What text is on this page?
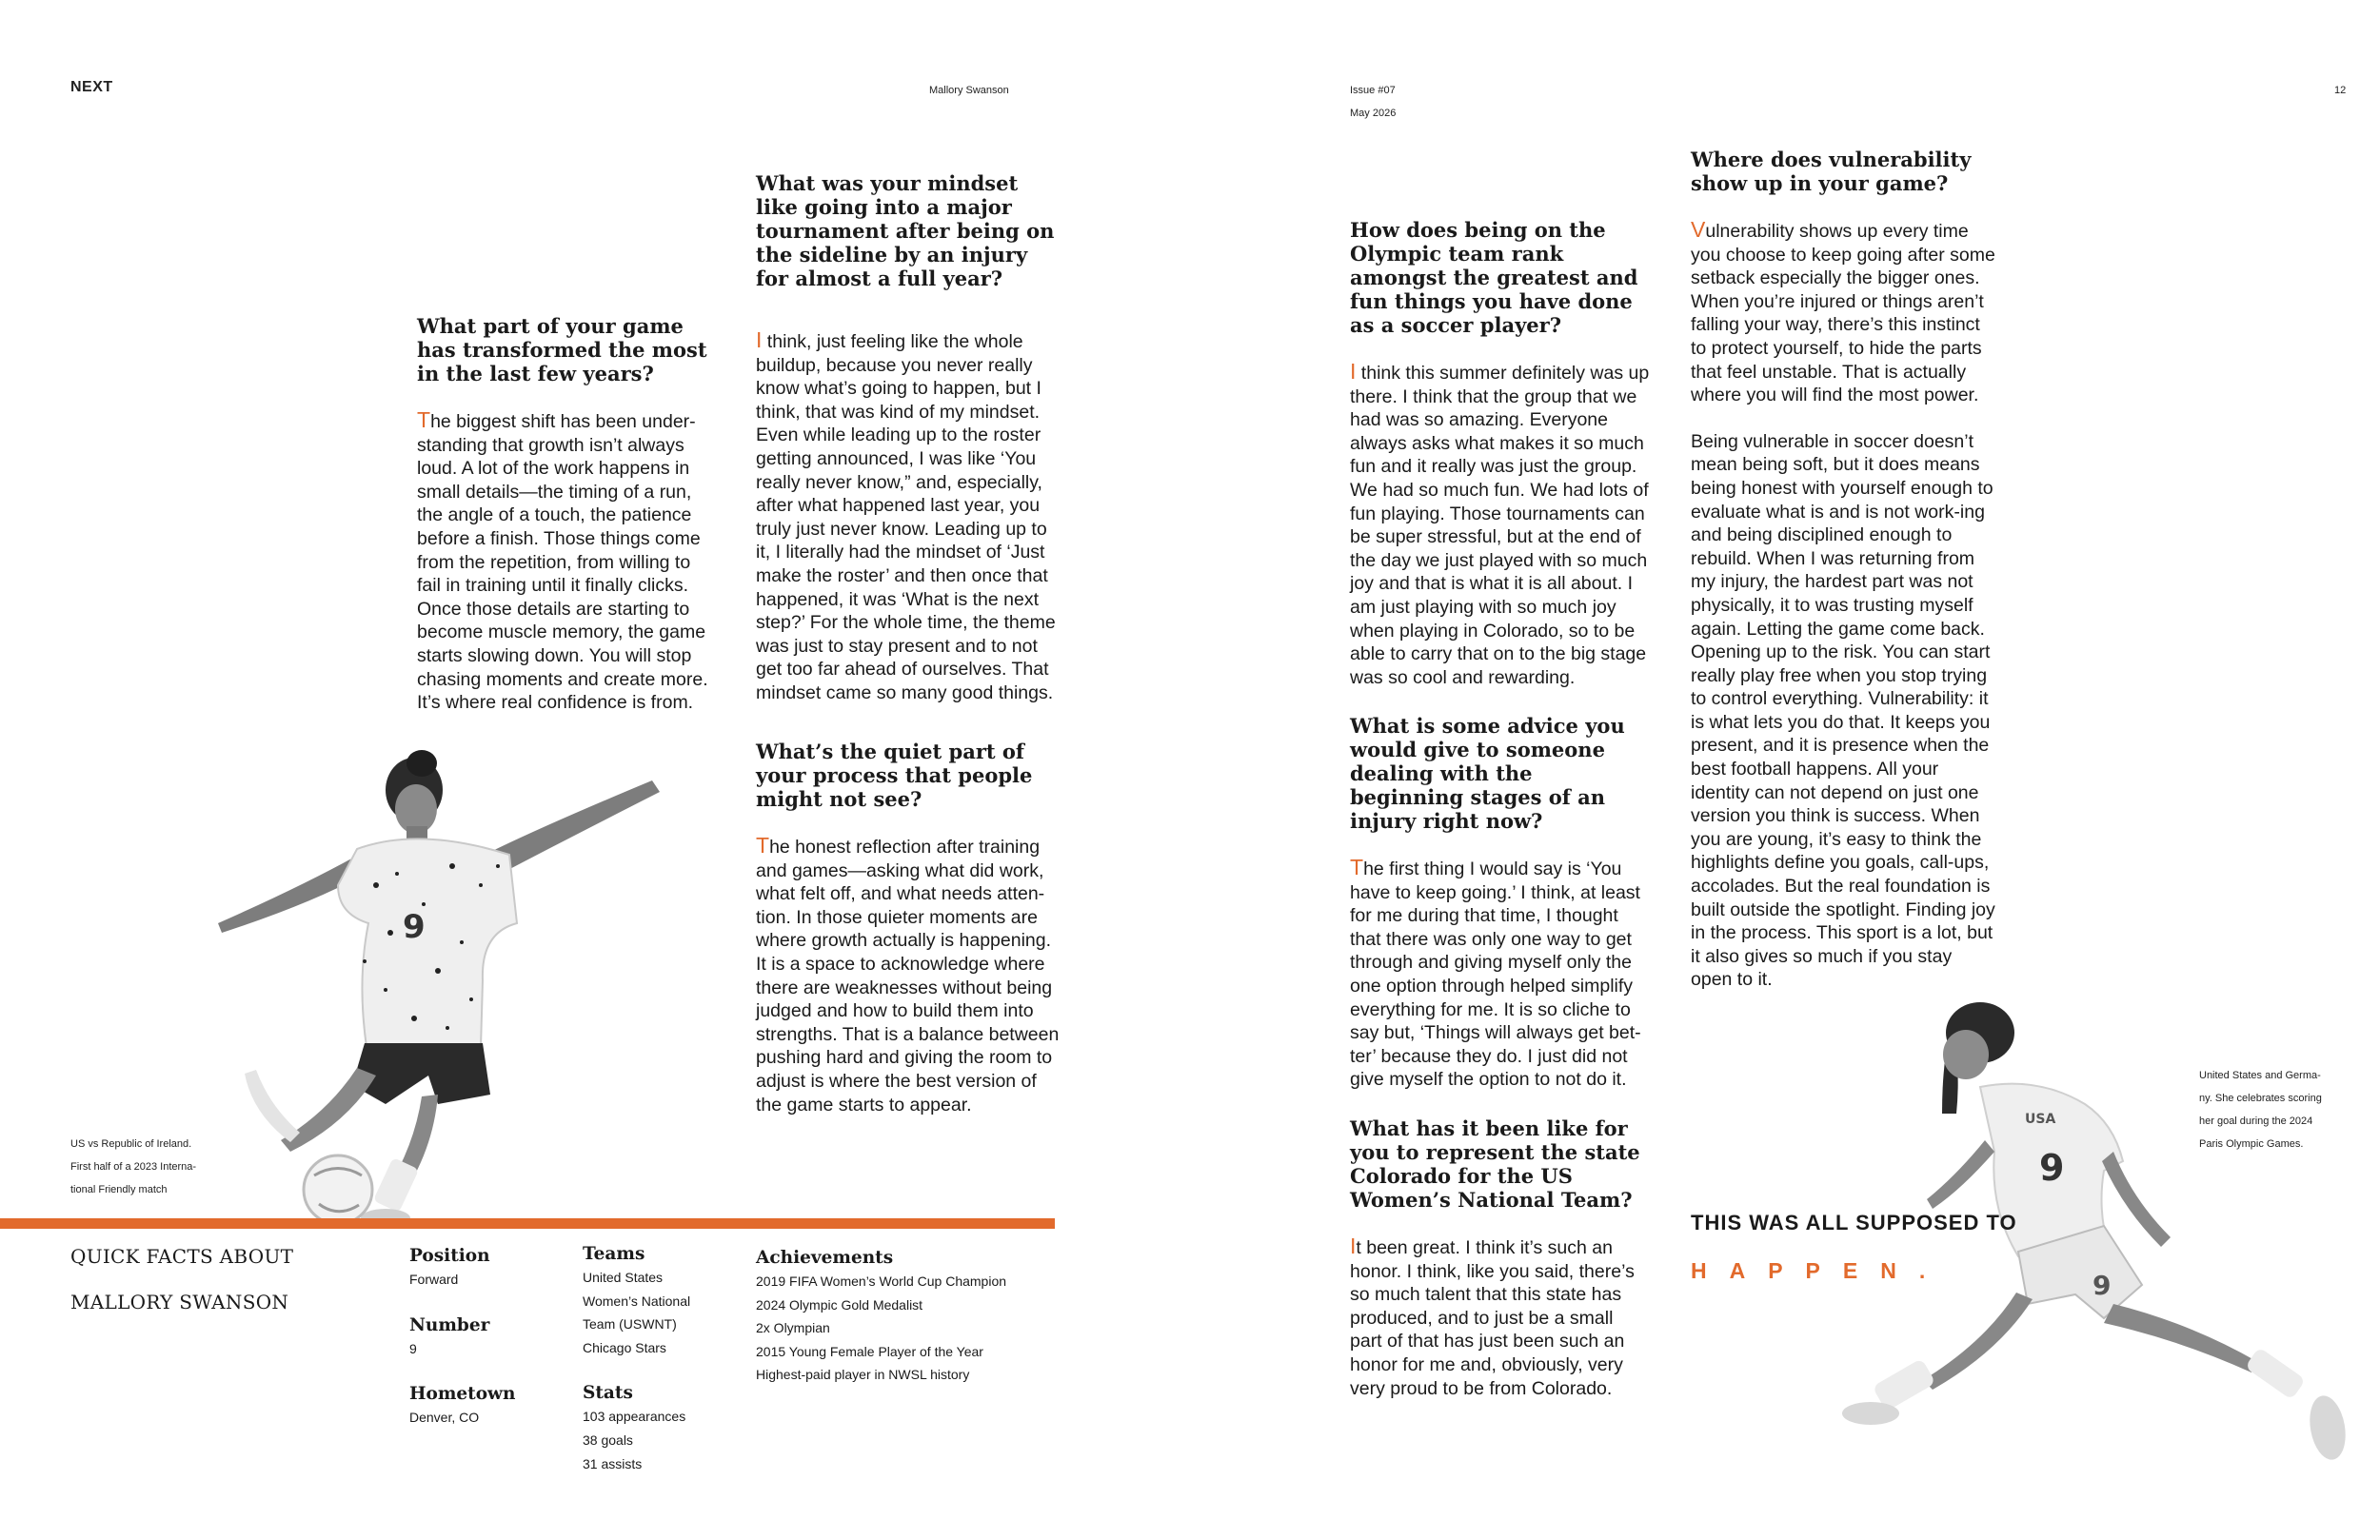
NEXT	Mallory Swanson	Issue #07
May 2026
12
What part of your game has transformed the most in the last few years?

The biggest shift has been under-standing that growth isn’t always loud. A lot of the work happens in small details—the timing of a run, the angle of a touch, the patience before a finish. Those things come from the repetition, from willing to fail in training until it finally clicks. Once those details are starting to become muscle memory, the game starts slowing down. You will stop chasing moments and create more. It’s where real confidence is from.

What was your mindset like going into a major tournament after being on the sideline by an injury for almost a full year?

I think, just feeling like the whole buildup, because you never really know what’s going to happen, but I think, that was kind of my mindset. Even while leading up to the roster getting announced, I was like ‘You really never know,” and, especially, after what happened last year, you truly just never know. Leading up to it, I literally had the mindset of ‘Just make the roster’ and then once that happened, it was ‘What is the next step?’ For the whole time, the theme was just to stay present and to not get too far ahead of ourselves. That mindset came so many good things.

What’s the quiet part of your process that people might not see?

The honest reflection after training and games—asking what did work, what felt off, and what needs atten-tion. In those quieter moments are where growth actually is happening. It is a space to acknowledge where there are weaknesses without being judged and how to build them into strengths. That is a balance between pushing hard and giving the room to adjust is where the best version of the game starts to appear.

How does being on the Olympic team rank amongst the greatest and fun things you have done as a soccer player?

I think this summer definitely was up there. I think that the group that we had was so amazing. Everyone always asks what makes it so much fun and it really was just the group. We had so much fun. We had lots of fun playing. Those tournaments can be super stressful, but at the end of the day we just played with so much joy and that is what it is all about. I am just playing with so much joy when playing in Colorado, so to be able to carry that on to the big stage was so cool and rewarding.

What is some advice you would give to someone dealing with the beginning stages of an injury right now?

The first thing I would say is ‘You have to keep going.’ I think, at least for me during that time, I thought that there was only one way to get through and giving myself only the one option through helped simplify everything for me. It is so cliche to say but, ‘Things will always get bet-ter’ because they do. I just did not give myself the option to not do it.

What has it been like for you to represent the state Colorado for the US Women’s National Team?

It been great. I think it’s such an honor. I think, like you said, there’s so much talent that this state has produced, and to just be a small part of that has just been such an honor for me and, obviously, very very proud to be from Colorado.

Where does vulnerability show up in your game?

Vulnerability shows up every time you choose to keep going after some setback especially the bigger ones. When you’re injured or things aren’t falling your way, there’s this instinct to protect yourself, to hide the parts that feel unstable. That is actually where you will find the most power.

Being vulnerable in soccer doesn’t mean being soft, but it does means being honest with yourself enough to evaluate what is and is not work-ing and being disciplined enough to rebuild. When I was returning from my injury, the hardest part was not physically, it to was trusting myself again. Letting the game come back. Opening up to the risk. You can start really play free when you stop trying to control everything. Vulnerability: it is what lets you do that. It keeps you present, and it is presence when the best football happens. All your identity can not depend on just one version you think is success. When you are young, it’s easy to think the highlights define you goals, call-ups, accolades. But the real foundation is built outside the spotlight. Finding joy in the process. This sport is a lot, but it also gives so much if you stay open to it.

9
US vs Republic of Ireland.
First half of a 2023 Interna-
tional Friendly match
QUICK FACTS ABOUT
MALLORY SWANSON
Position

Forward

Number

9

Hometown

Denver, CO

Teams

United States

Women’s National

Team (USWNT)

Chicago Stars

Stats

103 appearances

38 goals

31 assists

Achievements

2019 FIFA Women’s World Cup Champion

2024 Olympic Gold Medalist

2x Olympian

2015 Young Female Player of the Year

Highest-paid player in NWSL history

USA
9
9
United States and Germa-
ny. She celebrates scoring
her goal during the 2024
Paris Olympic Games.
THIS WAS ALL SUPPOSED TO
HAPPEN.
